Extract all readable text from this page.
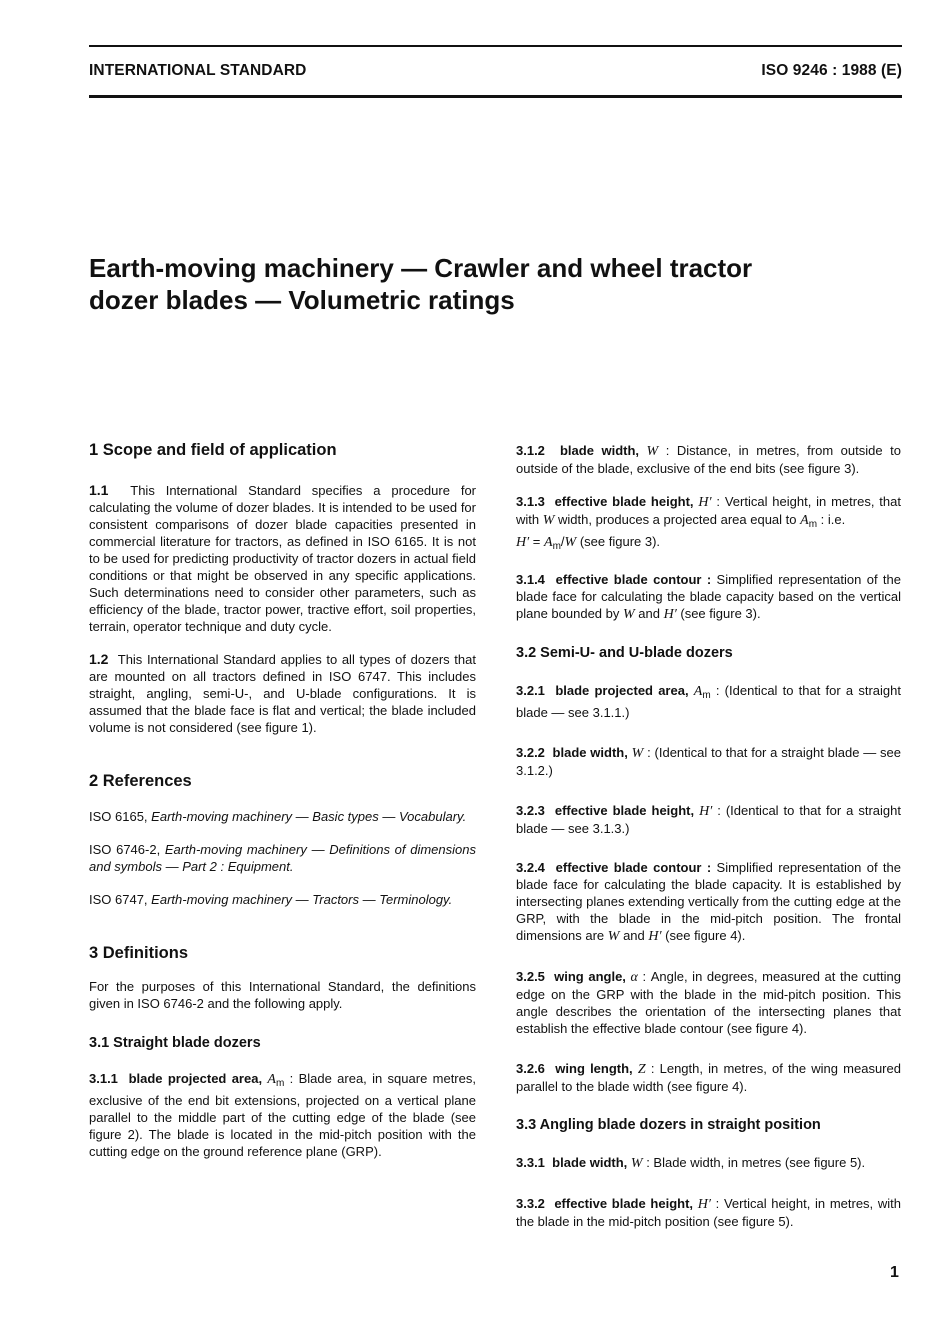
INTERNATIONAL STANDARD	ISO 9246 : 1988 (E)
Earth-moving machinery — Crawler and wheel tractor
dozer blades — Volumetric ratings
1 Scope and field of application

1.1 This International Standard specifies a procedure for calculating the volume of dozer blades. It is intended to be used for consistent comparisons of dozer blade capacities presented in commercial literature for tractors, as defined in ISO 6165. It is not to be used for predicting productivity of tractor dozers in actual field conditions or that might be observed in any specific applications. Such determinations need to consider other parameters, such as efficiency of the blade, tractor power, tractive effort, soil properties, terrain, operator technique and duty cycle.

1.2 This International Standard applies to all types of dozers that are mounted on all tractors defined in ISO 6747. This includes straight, angling, semi-U-, and U-blade configurations. It is assumed that the blade face is flat and vertical; the blade included volume is not considered (see figure 1).

2 References

ISO 6165, Earth-moving machinery — Basic types — Vocabulary.

ISO 6746-2, Earth-moving machinery — Definitions of dimensions and symbols — Part 2 : Equipment.

ISO 6747, Earth-moving machinery — Tractors — Terminology.

3 Definitions

For the purposes of this International Standard, the definitions given in ISO 6746-2 and the following apply.

3.1 Straight blade dozers

3.1.1 blade projected area, $A_m$ : Blade area, in square metres, exclusive of the end bit extensions, projected on a vertical plane parallel to the middle part of the cutting edge of the blade (see figure 2). The blade is located in the mid-pitch position with the cutting edge on the ground reference plane (GRP).

3.1.2 blade width, W : Distance, in metres, from outside to outside of the blade, exclusive of the end bits (see figure 3).

3.1.3 effective blade height, H′ : Vertical height, in metres, that with W width, produces a projected area equal to $A_m$ : i.e.
$H' = A_m/W$ (see figure 3).

3.1.4 effective blade contour : Simplified representation of the blade face for calculating the blade capacity based on the vertical plane bounded by W and H′ (see figure 3).

3.2 Semi-U- and U-blade dozers

3.2.1 blade projected area, $A_m$ : (Identical to that for a straight blade — see 3.1.1.)

3.2.2 blade width, W : (Identical to that for a straight blade — see 3.1.2.)

3.2.3 effective blade height, H′ : (Identical to that for a straight blade — see 3.1.3.)

3.2.4 effective blade contour : Simplified representation of the blade face for calculating the blade capacity. It is established by intersecting planes extending vertically from the cutting edge at the GRP, with the blade in the mid-pitch position. The frontal dimensions are W and H′ (see figure 4).

3.2.5 wing angle, α : Angle, in degrees, measured at the cutting edge on the GRP with the blade in the mid-pitch position. This angle describes the orientation of the intersecting planes that establish the effective blade contour (see figure 4).

3.2.6 wing length, Z : Length, in metres, of the wing measured parallel to the blade width (see figure 4).

3.3 Angling blade dozers in straight position

3.3.1 blade width, W : Blade width, in metres (see figure 5).

3.3.2 effective blade height, H′ : Vertical height, in metres, with the blade in the mid-pitch position (see figure 5).

1
